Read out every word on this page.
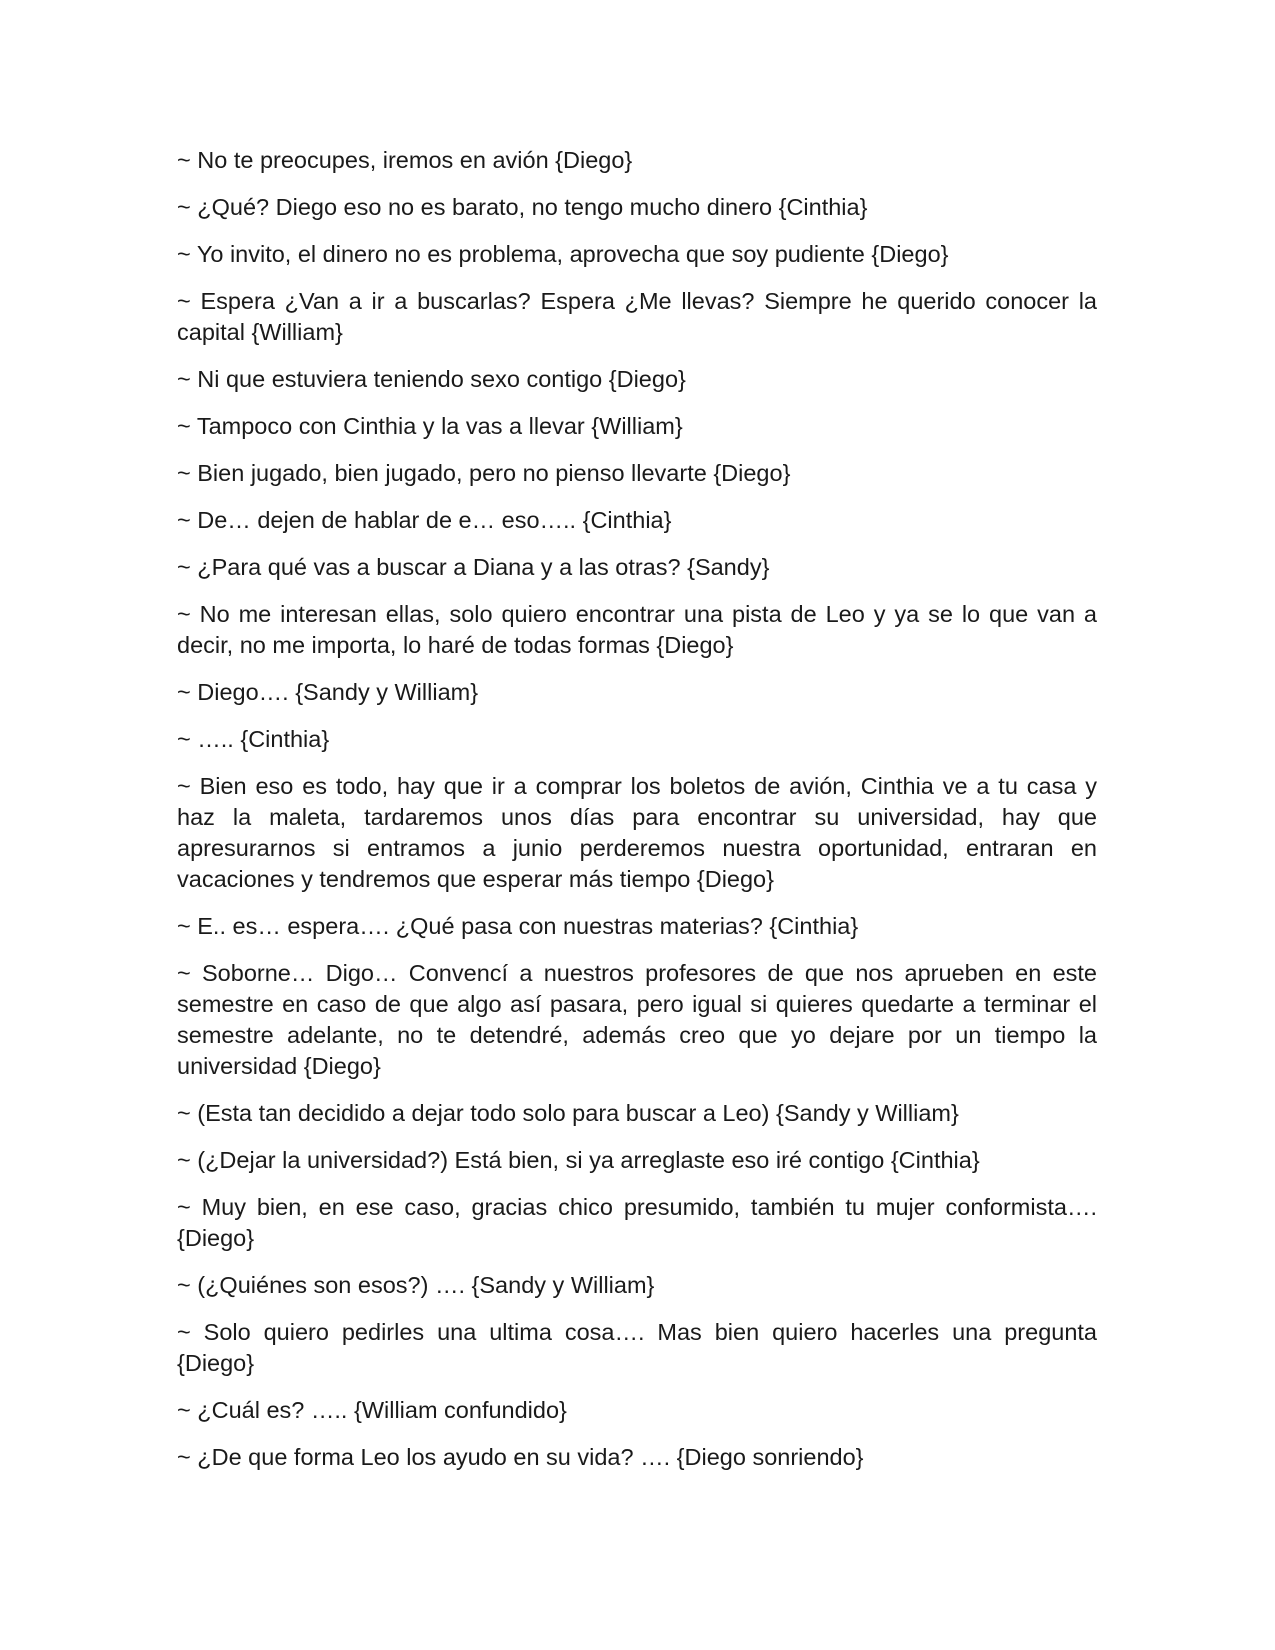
~ No te preocupes, iremos en avión {Diego}

~ ¿Qué? Diego eso no es barato, no tengo mucho dinero {Cinthia}

~ Yo invito, el dinero no es problema, aprovecha que soy pudiente {Diego}

~ Espera ¿Van a ir a buscarlas? Espera ¿Me llevas? Siempre he querido conocer la capital {William}

~ Ni que estuviera teniendo sexo contigo {Diego}

~ Tampoco con Cinthia y la vas a llevar {William}

~ Bien jugado, bien jugado, pero no pienso llevarte {Diego}

~ De… dejen de hablar de e… eso….. {Cinthia}

~ ¿Para qué vas a buscar a Diana y a las otras? {Sandy}

~ No me interesan ellas, solo quiero encontrar una pista de Leo y ya se lo que van a decir, no me importa, lo haré de todas formas {Diego}

~ Diego…. {Sandy y William}

~ ….. {Cinthia}

~ Bien eso es todo, hay que ir a comprar los boletos de avión, Cinthia ve a tu casa y haz la maleta, tardaremos unos días para encontrar su universidad, hay que apresurarnos si entramos a junio perderemos nuestra oportunidad, entraran en vacaciones y tendremos que esperar más tiempo {Diego}

~ E.. es… espera…. ¿Qué pasa con nuestras materias? {Cinthia}

~ Soborne… Digo… Convencí a nuestros profesores de que nos aprueben en este semestre en caso de que algo así pasara, pero igual si quieres quedarte a terminar el semestre adelante, no te detendré, además creo que yo dejare por un tiempo la universidad {Diego}

~ (Esta tan decidido a dejar todo solo para buscar a Leo) {Sandy y William}

~ (¿Dejar la universidad?) Está bien, si ya arreglaste eso iré contigo {Cinthia}

~ Muy bien, en ese caso, gracias chico presumido, también tu mujer conformista…. {Diego}

~ (¿Quiénes son esos?) …. {Sandy y William}

~ Solo quiero pedirles una ultima cosa…. Mas bien quiero hacerles una pregunta {Diego}

~ ¿Cuál es? ….. {William confundido}

~ ¿De que forma Leo los ayudo en su vida? …. {Diego sonriendo}
